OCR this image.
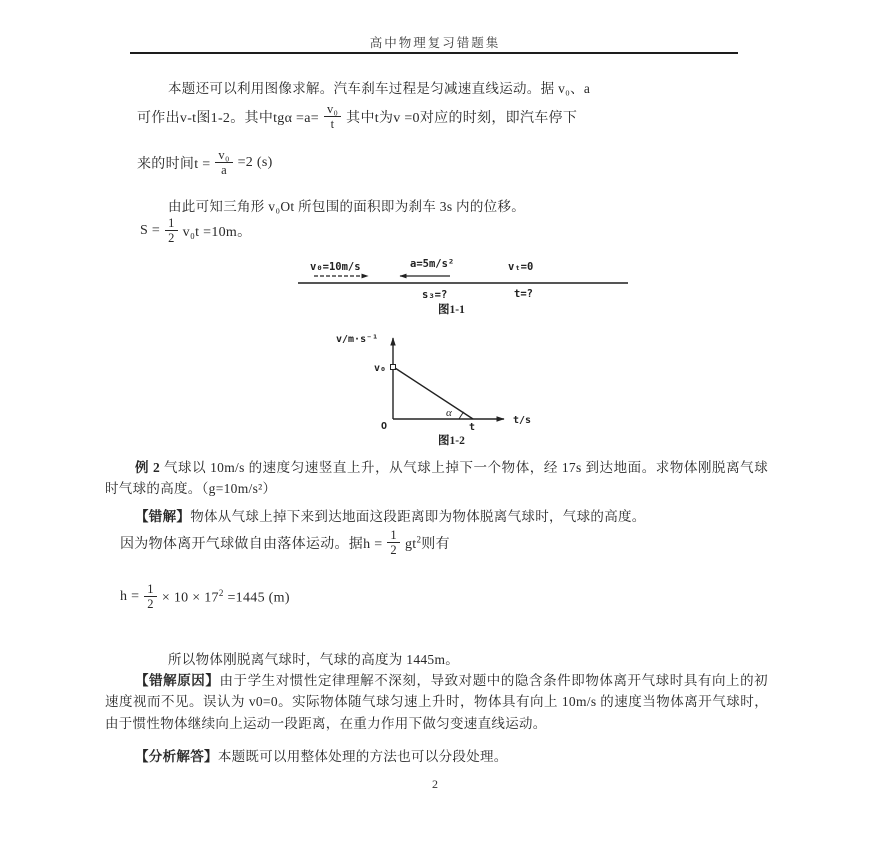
高中物理复习错题集

本题还可以利用图像求解。汽车刹车过程是匀减速直线运动。据 v₀、a

可作出v-t图1-2。其中$tg\alpha =a= \frac{\text{v₀}}{t}$ 其中t为v =0对应的时刻，即汽车停下
来的时间$t = \frac{\text{v₀}}{a} =2$ (s)

由此可知三角形 v₀Ot 所包围的面积即为刹车 3s 内的位移。

$S = \frac{1}{2} v_0t =10m$。
v₀=10m/s	a=5m/s²	vₜ=0
s₃=?	t=?
图1-1
v/m·s⁻¹
v₀
α
O	t
t/s
图1-2

例 2 气球以 10m/s 的速度匀速竖直上升，从气球上掉下一个物体，经 17s 到达地面。求物体刚脱离气球时气球的高度。（g=10m/s²）

【错解】物体从气球上掉下来到达地面这段距离即为物体脱离气球时，气球的高度。

因为物体离开气球做自由落体运动。据$h = \frac{1}{2} gt^2$则有
$h = \frac{1}{2} \times 10 \times 17^2 =1445$ (m)

所以物体刚脱离气球时，气球的高度为 1445m。

【错解原因】由于学生对惯性定律理解不深刻，导致对题中的隐含条件即物体离开气球时具有向上的初速度视而不见。误认为 v0=0。实际物体随气球匀速上升时，物体具有向上 10m/s 的速度当物体离开气球时，由于惯性物体继续向上运动一段距离，在重力作用下做匀变速直线运动。

【分析解答】本题既可以用整体处理的方法也可以分段处理。

2
